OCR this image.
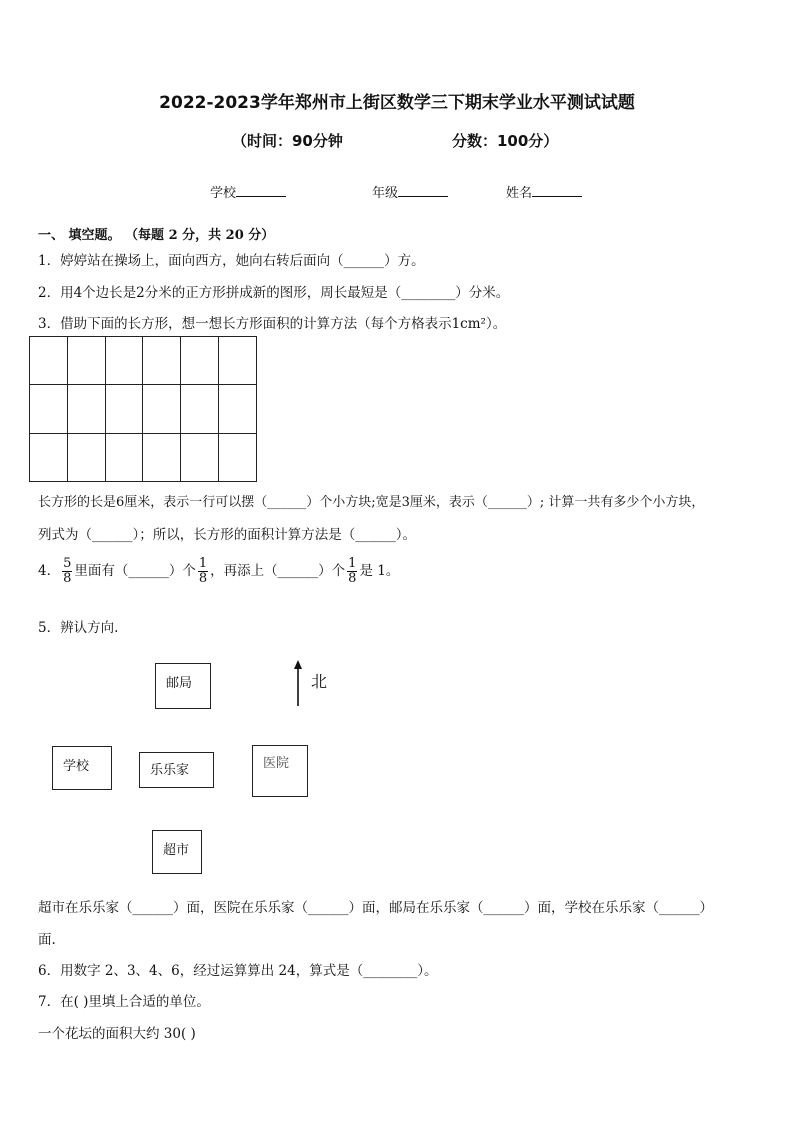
2022-2023学年郑州市上街区数学三下期末学业水平测试试题
（时间：90分钟	分数：100分）
学校	年级	姓名
一、 填空题。 （每题 2 分，共 20 分）
1．婷婷站在操场上，面向西方，她向右转后面向（______）方。
2．用4个边长是2分米的正方形拼成新的图形，周长最短是（________）分米。
3．借助下面的长方形，想一想长方形面积的计算方法（每个方格表示1cm²）。

长方形的长是6厘米，表示一行可以摆（______）个小方块;宽是3厘米，表示（______）; 计算一共有多少个小方块，
列式为（______）；所以，长方形的面积计算方法是（______）。
4． $\frac{5}{8}$ 里面有（______）个 $\frac{1}{8}$ ，再添上（______）个 $\frac{1}{8}$ 是 1。
5．辨认方向.
邮局	北
学校	乐乐家	医院
超市
超市在乐乐家（______）面，医院在乐乐家（______）面，邮局在乐乐家（______）面，学校在乐乐家（______）
面.
6．用数字 2、3、4、6，经过运算算出 24，算式是（________）。
7．在( )里填上合适的单位。
一个花坛的面积大约 30( )
